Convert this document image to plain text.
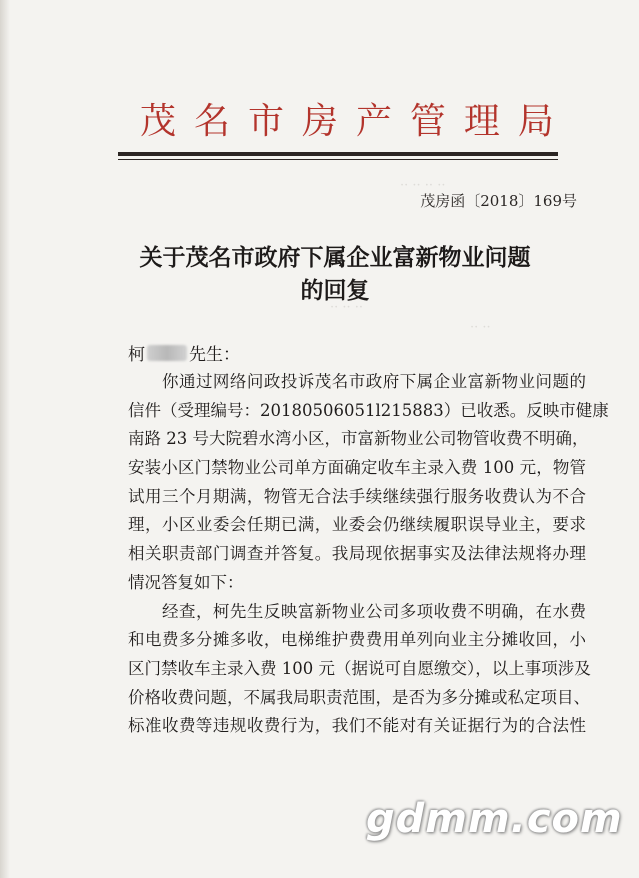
·· ·· ·· ··
·· ·· ··
·· ··
茂 名 市 房 产 管 理 局
茂房函〔2018〕169号
关于茂名市政府下属企业富新物业问题
的回复
柯	先生：
你通过网络问政投诉茂名市政府下属企业富新物业问题的
信件（受理编号：20180506051l215883）已收悉。反映市健康
南路 23 号大院碧水湾小区，市富新物业公司物管收费不明确，
安装小区门禁物业公司单方面确定收车主录入费 100 元，物管
试用三个月期满，物管无合法手续继续强行服务收费认为不合
理，小区业委会任期已满，业委会仍继续履职误导业主，要求
相关职责部门调查并答复。我局现依据事实及法律法规将办理
情况答复如下：
经查，柯先生反映富新物业公司多项收费不明确，在水费
和电费多分摊多收，电梯维护费费用单列向业主分摊收回，小
区门禁收车主录入费 100 元（据说可自愿缴交），以上事项涉及
价格收费问题，不属我局职责范围，是否为多分摊或私定项目、
标准收费等违规收费行为，我们不能对有关证据行为的合法性
gdmm.com
